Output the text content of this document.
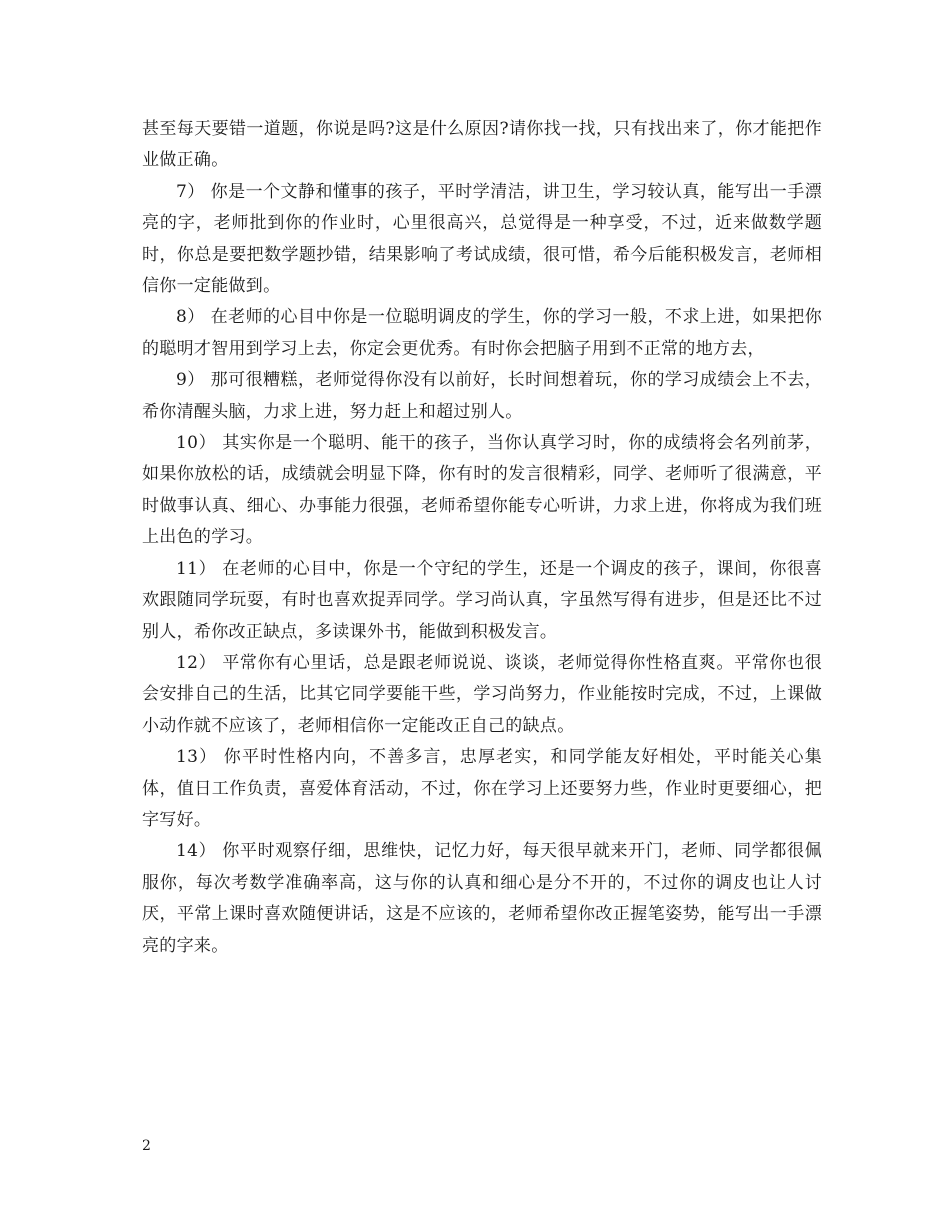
甚至每天要错一道题，你说是吗?这是什么原因?请你找一找，只有找出来了，你才能把作业做正确。

7） 你是一个文静和懂事的孩子，平时学清洁，讲卫生，学习较认真，能写出一手漂亮的字，老师批到你的作业时，心里很高兴，总觉得是一种享受，不过，近来做数学题时，你总是要把数学题抄错，结果影响了考试成绩，很可惜，希今后能积极发言，老师相信你一定能做到。

8） 在老师的心目中你是一位聪明调皮的学生，你的学习一般，不求上进，如果把你的聪明才智用到学习上去，你定会更优秀。有时你会把脑子用到不正常的地方去，

9） 那可很糟糕，老师觉得你没有以前好，长时间想着玩，你的学习成绩会上不去，希你清醒头脑，力求上进，努力赶上和超过别人。

10） 其实你是一个聪明、能干的孩子，当你认真学习时，你的成绩将会名列前茅，如果你放松的话，成绩就会明显下降，你有时的发言很精彩，同学、老师听了很满意，平时做事认真、细心、办事能力很强，老师希望你能专心听讲，力求上进，你将成为我们班上出色的学习。

11） 在老师的心目中，你是一个守纪的学生，还是一个调皮的孩子，课间，你很喜欢跟随同学玩耍，有时也喜欢捉弄同学。学习尚认真，字虽然写得有进步，但是还比不过别人，希你改正缺点，多读课外书，能做到积极发言。

12） 平常你有心里话，总是跟老师说说、谈谈，老师觉得你性格直爽。平常你也很会安排自己的生活，比其它同学要能干些，学习尚努力，作业能按时完成，不过，上课做小动作就不应该了，老师相信你一定能改正自己的缺点。

13） 你平时性格内向，不善多言，忠厚老实，和同学能友好相处，平时能关心集体，值日工作负责，喜爱体育活动，不过，你在学习上还要努力些，作业时更要细心，把字写好。

14） 你平时观察仔细，思维快，记忆力好，每天很早就来开门，老师、同学都很佩服你，每次考数学准确率高，这与你的认真和细心是分不开的，不过你的调皮也让人讨厌，平常上课时喜欢随便讲话，这是不应该的，老师希望你改正握笔姿势，能写出一手漂亮的字来。

2
